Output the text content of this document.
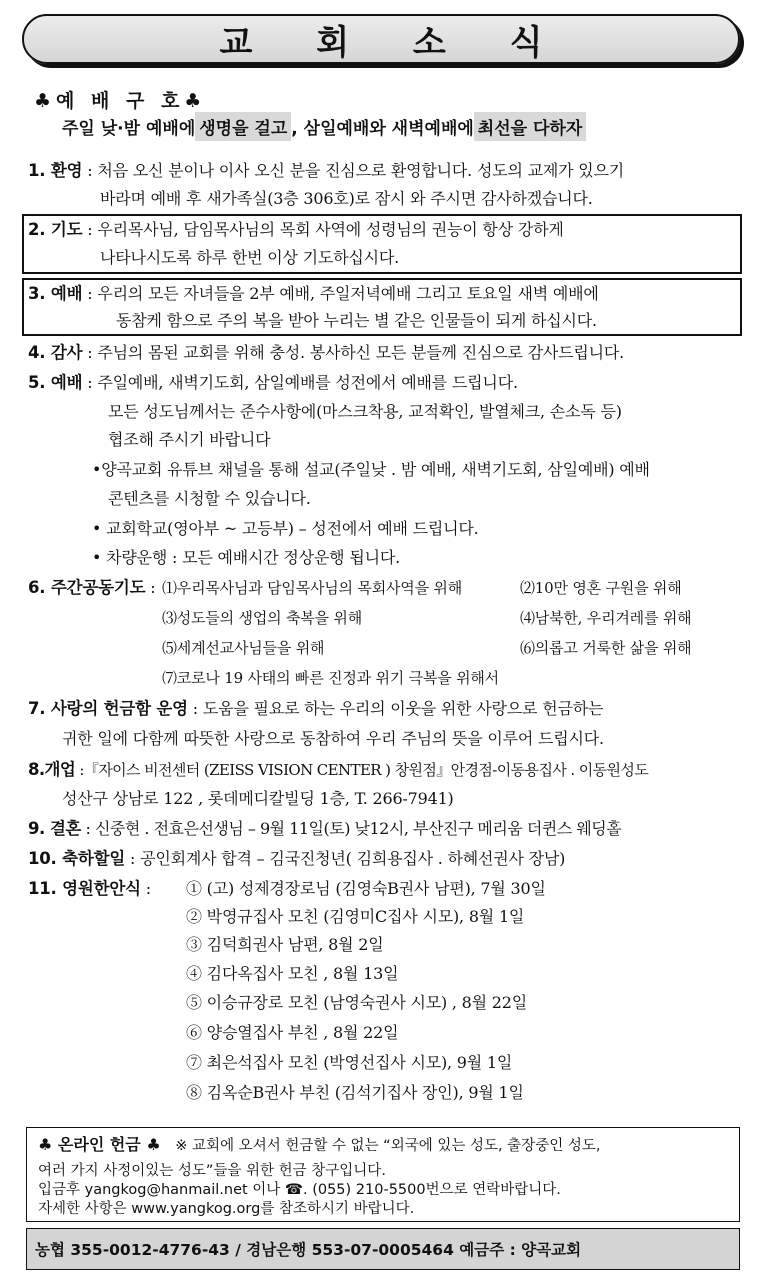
교 회 소 식
♣예 배 구 호♣
주일 낮·밤 예배에 생명을 걸고 , 삼일예배와 새벽예배에 최선을 다하자
1. 환영 : 처음 오신 분이나 이사 오신 분을 진심으로 환영합니다. 성도의 교제가 있으기
바라며 예배 후 새가족실(3층 306호)로 잠시 와 주시면 감사하겠습니다.
2. 기도 : 우리목사님, 담임목사님의 목회 사역에 성령님의 권능이 항상 강하게
나타나시도록 하루 한번 이상 기도하십시다.
3. 예배 : 우리의 모든 자녀들을 2부 예배, 주일저녁예배 그리고 토요일 새벽 예배에
동참케 함으로 주의 복을 받아 누리는 별 같은 인물들이 되게 하십시다.
4. 감사 : 주님의 몸된 교회를 위해 충성. 봉사하신 모든 분들께 진심으로 감사드립니다.
5. 예배 : 주일예배, 새벽기도회, 삼일예배를 성전에서 예배를 드립니다.
모든 성도님께서는 준수사항에(마스크착용, 교적확인, 발열체크, 손소독 등)
협조해 주시기 바랍니다
•양곡교회 유튜브 채널을 통해 설교(주일낮 . 밤 예배, 새벽기도회, 삼일예배) 예배
콘텐츠를 시청할 수 있습니다.
• 교회학교(영아부 ~ 고등부) – 성전에서 예배 드립니다.
• 차량운행 : 모든 예배시간 정상운행 됩니다.
6. 주간공동기도 : ⑴우리목사님과 담임목사님의 목회사역을 위해	⑵10만 영혼 구원을 위해
⑶성도들의 생업의 축복을 위해	⑷남북한, 우리겨레를 위해
⑸세계선교사님들을 위해	⑹의롭고 거룩한 삶을 위해
⑺코로나 19 사태의 빠른 진정과 위기 극복을 위해서
7. 사랑의 헌금함 운영 : 도움을 필요로 하는 우리의 이웃을 위한 사랑으로 헌금하는
귀한 일에 다함께 따뜻한 사랑으로 동참하여 우리 주님의 뜻을 이루어 드립시다.
8.개업 :『자이스 비전센터 (ZEISS VISION CENTER ) 창원점』안경점-이동용집사 . 이동원성도
성산구 상남로 122 , 롯데메디칼빌딩 1층, T. 266-7941)
9. 결혼 : 신중현 . 전효은선생님 – 9월 11일(토) 낮12시, 부산진구 메리움 더퀸스 웨딩홀
10. 축하할일 : 공인회계사 합격 – 김국진청년( 김희용집사 . 하혜선권사 장남)
11. 영원한안식 : ① (고) 성제경장로님 (김영숙B권사 남편), 7월 30일
② 박영규집사 모친 (김영미C집사 시모), 8월 1일
③ 김덕희권사 남편, 8월 2일
④ 김다옥집사 모친 , 8월 13일
⑤ 이승규장로 모친 (남영숙권사 시모) , 8월 22일
⑥ 양승열집사 부친 , 8월 22일
⑦ 최은석집사 모친 (박영선집사 시모), 9월 1일
⑧ 김옥순B권사 부친 (김석기집사 장인), 9월 1일
♣ 온라인 헌금 ♣ ※ 교회에 오셔서 헌금할 수 없는 “외국에 있는 성도, 출장중인 성도,
여러 가지 사정이있는 성도”들을 위한 헌금 창구입니다.
입금후 yangkog@hanmail.net 이나 ☎. (055) 210-5500번으로 연락바랍니다.
자세한 사항은 www.yangkog.org를 참조하시기 바랍니다.
농협 355-0012-4776-43 / 경남은행 553-07-0005464 예금주 : 양곡교회
